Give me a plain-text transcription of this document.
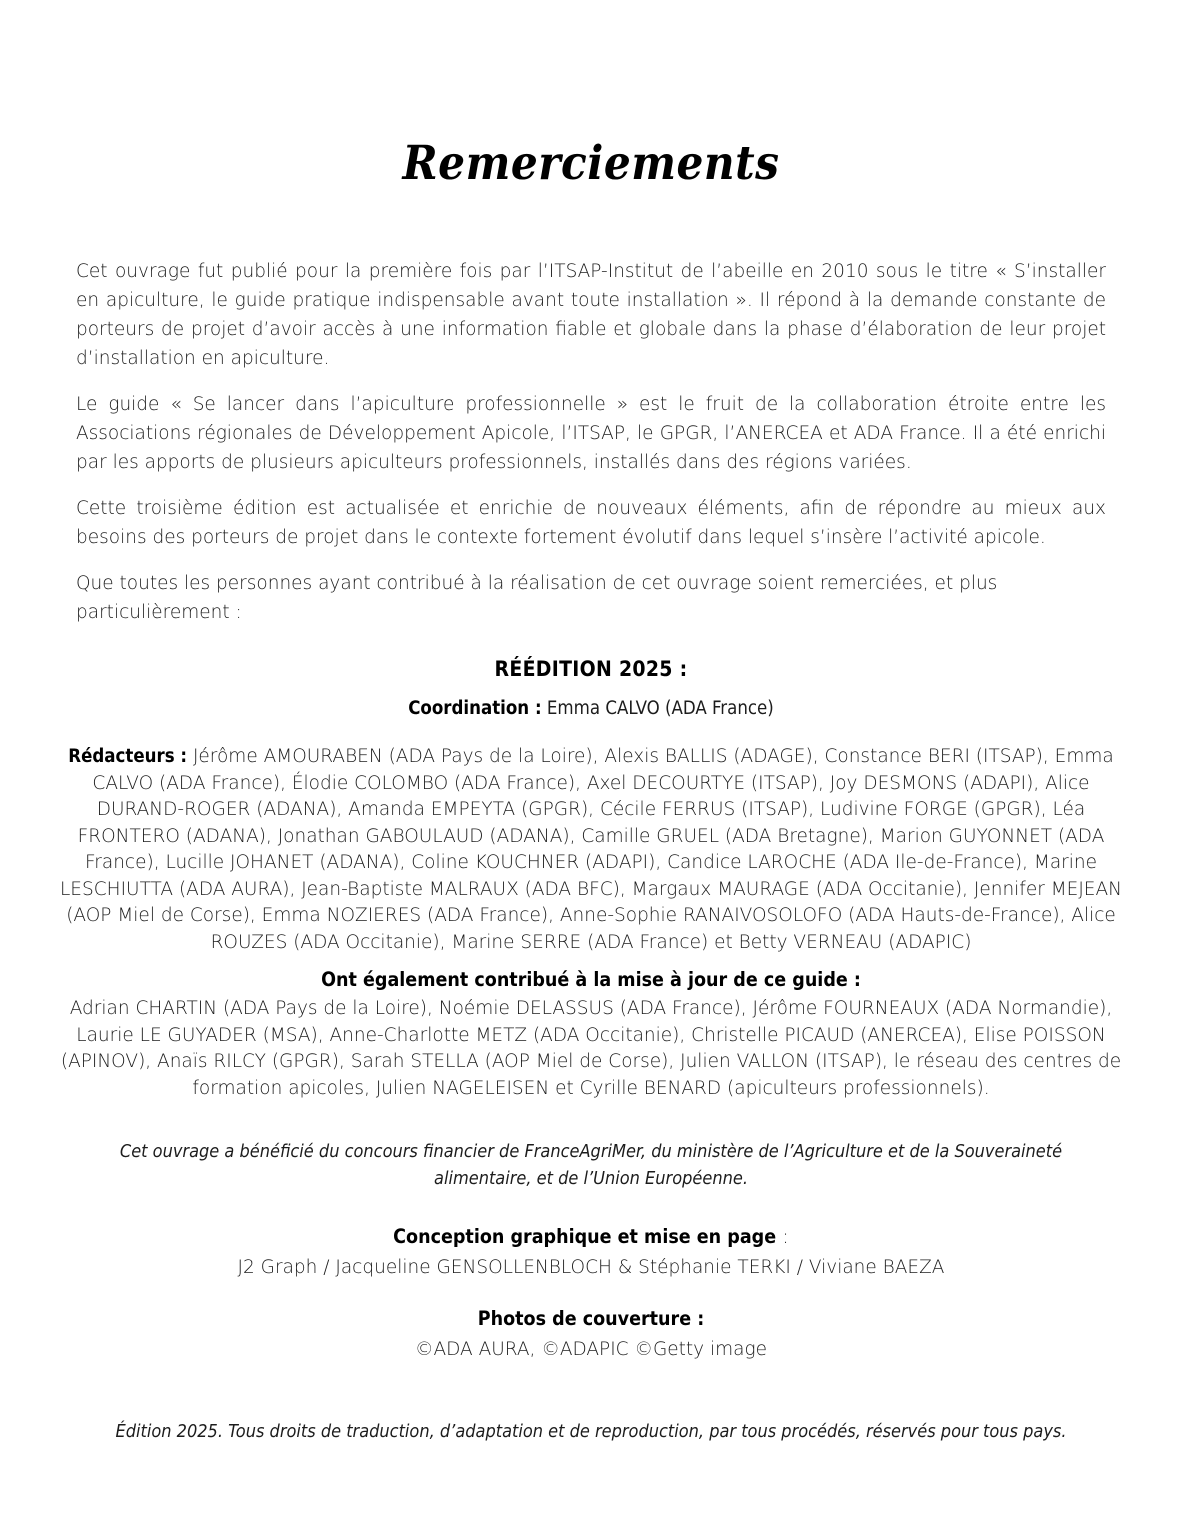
Remerciements

Cet ouvrage fut publié pour la première fois par l’ITSAP-Institut de l’abeille en 2010 sous le titre « S’installer en apiculture, le guide pratique indispensable avant toute installation ». Il répond à la demande constante de porteurs de projet d’avoir accès à une information fiable et globale dans la phase d’élaboration de leur projet d’installation en apiculture.

Le guide « Se lancer dans l’apiculture professionnelle » est le fruit de la collaboration étroite entre les Associations régionales de Développement Apicole, l’ITSAP, le GPGR, l’ANERCEA et ADA France. Il a été enrichi par les apports de plusieurs apiculteurs professionnels, installés dans des régions variées.

Cette troisième édition est actualisée et enrichie de nouveaux éléments, afin de répondre au mieux aux besoins des porteurs de projet dans le contexte fortement évolutif dans lequel s’insère l’activité apicole.

Que toutes les personnes ayant contribué à la réalisation de cet ouvrage soient remerciées, et plus particulièrement :

RÉÉDITION 2025 :

Coordination : Emma CALVO (ADA France)

Rédacteurs : Jérôme AMOURABEN (ADA Pays de la Loire), Alexis BALLIS (ADAGE), Constance BERI (ITSAP), Emma CALVO (ADA France), Élodie COLOMBO (ADA France), Axel DECOURTYE (ITSAP), Joy DESMONS (ADAPI), Alice DURAND-ROGER (ADANA), Amanda EMPEYTA (GPGR), Cécile FERRUS (ITSAP), Ludivine FORGE (GPGR), Léa FRONTERO (ADANA), Jonathan GABOULAUD (ADANA), Camille GRUEL (ADA Bretagne), Marion GUYONNET (ADA France), Lucille JOHANET (ADANA), Coline KOUCHNER (ADAPI), Candice LAROCHE (ADA Ile-de-France), Marine LESCHIUTTA (ADA AURA), Jean-Baptiste MALRAUX (ADA BFC), Margaux MAURAGE (ADA Occitanie), Jennifer MEJEAN (AOP Miel de Corse), Emma NOZIERES (ADA France), Anne-Sophie RANAIVOSOLOFO (ADA Hauts-de-France), Alice ROUZES (ADA Occitanie), Marine SERRE (ADA France) et Betty VERNEAU (ADAPIC)

Ont également contribué à la mise à jour de ce guide :

Adrian CHARTIN (ADA Pays de la Loire), Noémie DELASSUS (ADA France), Jérôme FOURNEAUX (ADA Normandie), Laurie LE GUYADER (MSA), Anne-Charlotte METZ (ADA Occitanie), Christelle PICAUD (ANERCEA), Elise POISSON (APINOV), Anaïs RILCY (GPGR), Sarah STELLA (AOP Miel de Corse), Julien VALLON (ITSAP), le réseau des centres de formation apicoles, Julien NAGELEISEN et Cyrille BENARD (apiculteurs professionnels).

Cet ouvrage a bénéficié du concours financier de FranceAgriMer, du ministère de l’Agriculture et de la Souveraineté alimentaire, et de l’Union Européenne.

Conception graphique et mise en page :

J2 Graph / Jacqueline GENSOLLENBLOCH & Stéphanie TERKI / Viviane BAEZA

Photos de couverture :

©ADA AURA, ©ADAPIC ©Getty image

Édition 2025. Tous droits de traduction, d’adaptation et de reproduction, par tous procédés, réservés pour tous pays.
